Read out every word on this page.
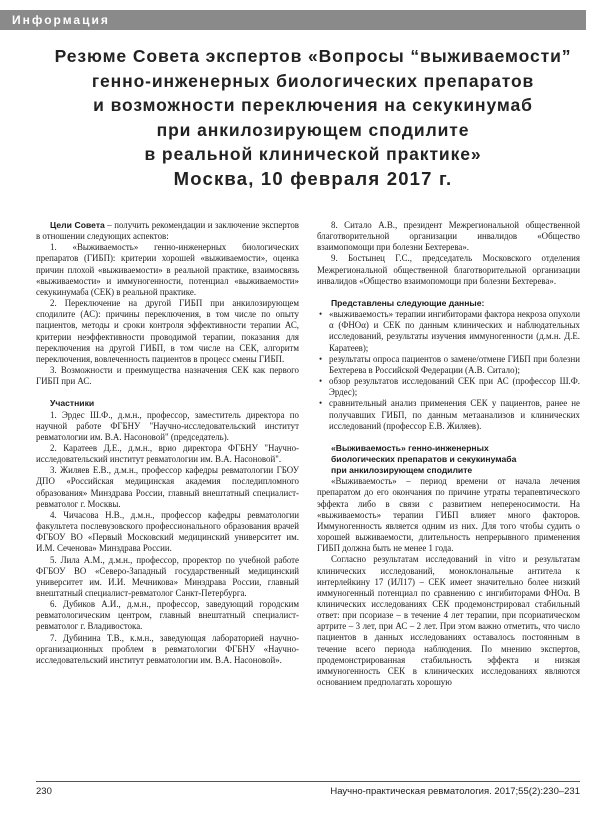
Информация
Резюме Совета экспертов «Вопросы “выживаемости”
генно-инженерных биологических препаратов
и возможности переключения на секукинумаб
при анкилозирующем сподилите
в реальной клинической практике»
Москва, 10 февраля 2017 г.

Цели Совета – получить рекомендации и заключение экспертов в отношении следующих аспектов:

1. «Выживаемость» генно-инженерных биологических препаратов (ГИБП): критерии хорошей «выживаемости», оценка причин плохой «выживаемости» в реальной практике, взаимосвязь «выживаемости» и иммуногенности, потенциал «выживаемости» секукинумаба (СЕК) в реальной практике.

2. Переключение на другой ГИБП при анкилозирующем сподилите (АС): причины переключения, в том числе по опыту пациентов, методы и сроки контроля эффективности терапии АС, критерии неэффективности проводимой терапии, показания для переключения на другой ГИБП, в том числе на СЕК, алгоритм переключения, вовлеченность пациентов в процесс смены ГИБП.

3. Возможности и преимущества назначения СЕК как первого ГИБП при АС.

Участники

1. Эрдес Ш.Ф., д.м.н., профессор, заместитель директора по научной работе ФГБНУ "Научно-исследовательский институт ревматологии им. В.А. Насоновой" (председатель).

2. Каратеев Д.Е., д.м.н., врио директора ФГБНУ "Научно-исследовательский институт ревматологии им. В.А. Насоновой".

3. Жиляев Е.В., д.м.н., профессор кафедры ревматологии ГБОУ ДПО «Российская медицинская академия последипломного образования» Минздрава России, главный внештатный специалист-ревматолог г. Москвы.

4. Чичасова Н.В., д.м.н., профессор кафедры ревматологии факультета послевузовского профессионального образования врачей ФГБОУ ВО «Первый Московский медицинский университет им. И.М. Сеченова» Минздрава России.

5. Лила А.М., д.м.н., профессор, проректор по учебной работе ФГБОУ ВО «Северо-Западный государственный медицинский университет им. И.И. Мечникова» Минздрава России, главный внештатный специалист-ревматолог Санкт-Петербурга.

6. Дубиков А.И., д.м.н., профессор, заведующий городским ревматологическим центром, главный внештатный специалист-ревматолог г. Владивостока.

7. Дубинина Т.В., к.м.н., заведующая лабораторией научно-организационных проблем в ревматологии ФГБНУ «Научно-исследовательский институт ревматологии им. В.А. Насоновой».

8. Ситало А.В., президент Межрегиональной общественной благотворительной организации инвалидов «Общество взаимопомощи при болезни Бехтерева».

9. Бостынец Г.С., председатель Московского отделения Межрегиональной общественной благотворительной организации инвалидов «Общество взаимопомощи при болезни Бехтерева».

Представлены следующие данные:
• «выживаемость» терапии ингибиторами фактора некроза опухоли α (ФНОα) и СЕК по данным клинических и наблюдательных исследований, результаты изучения иммуногенности (д.м.н. Д.Е. Каратеев);
• результаты опроса пациентов о замене/отмене ГИБП при болезни Бехтерева в Российской Федерации (А.В. Ситало);
• обзор результатов исследований СЕК при АС (профессор Ш.Ф. Эрдес);
• сравнительный анализ применения СЕК у пациентов, ранее не получавших ГИБП, по данным метаанализов и клинических исследований (профессор Е.В. Жиляев).
«Выживаемость» генно-инженерных
биологических препаратов и секукинумаба
при анкилозирующем сподилите

«Выживаемость» – период времени от начала лечения препаратом до его окончания по причине утраты терапевтического эффекта либо в связи с развитием непереносимости. На «выживаемость» терапии ГИБП влияет много факторов. Иммуногенность является одним из них. Для того чтобы судить о хорошей выживаемости, длительность непрерывного применения ГИБП должна быть не менее 1 года.

Согласно результатам исследований in vitro и результатам клинических исследований, моноклональные антитела к интерлейкину 17 (ИЛ17) – СЕК имеет значительно более низкий иммуногенный потенциал по сравнению с ингибиторами ФНОα. В клинических исследованиях СЕК продемонстрировал стабильный ответ: при псориазе – в течение 4 лет терапии, при псориатическом артрите – 3 лет, при АС – 2 лет. При этом важно отметить, что число пациентов в данных исследованиях оставалось постоянным в течение всего периода наблюдения. По мнению экспертов, продемонстрированная стабильность эффекта и низкая иммуногенность СЕК в клинических исследованиях являются основанием предполагать хорошую

230	Научно-практическая ревматология. 2017;55(2):230–231
